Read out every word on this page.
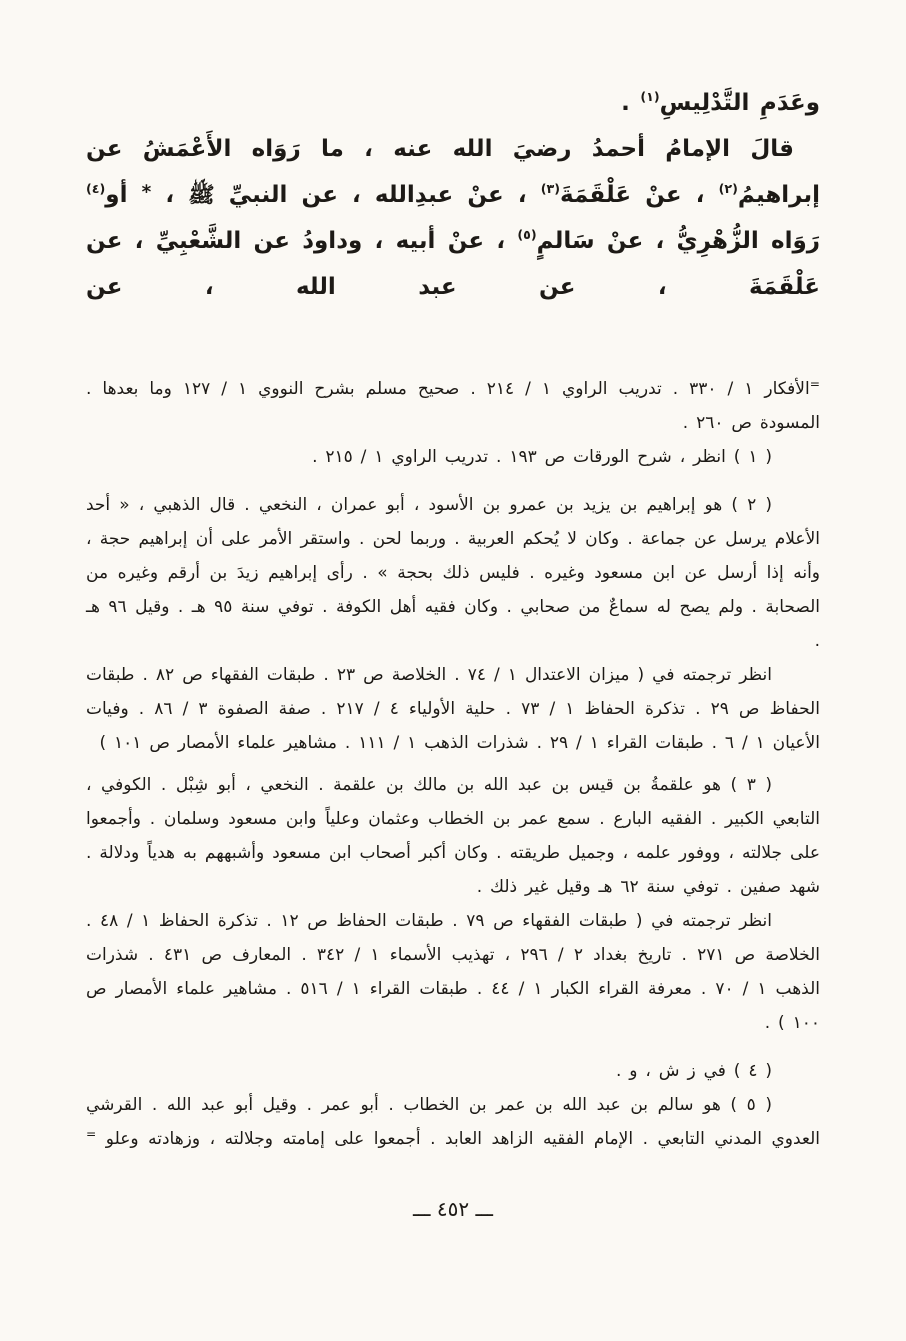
وعَدَمِ التَّدْلِيسِ$^{(١)}$ .

قالَ الإمامُ أحمدُ رضيَ الله عنه ، ما رَوَاه الأَعْمَشُ عن إبراهيمُ$^{(٢)}$ ، عنْ عَلْقَمَةَ$^{(٣)}$ ، عنْ عبدِالله ، عن النبيِّ ﷺ ، * أو$^{(٤)}$ رَوَاه الزُّهْرِيُّ ، عنْ سَالمٍ$^{(٥)}$ ، عنْ أبيه ، وداودُ عن الشَّعْبِيِّ ، عن عَلْقَمَةَ ، عن عبد الله ، عن

=الأفكار ١ / ٣٣٠ . تدريب الراوي ١ / ٢١٤ . صحيح مسلم بشرح النووي ١ / ١٢٧ وما بعدها . المسودة ص ٢٦٠ .

( ١ ) انظر ، شرح الورقات ص ١٩٣ . تدريب الراوي ١ / ٢١٥ .

( ٢ ) هو إبراهيم بن يزيد بن عمرو بن الأسود ، أبو عمران ، النخعي . قال الذهبي ، « أحد الأعلام يرسل عن جماعة . وكان لا يُحكم العربية . وربما لحن . واستقر الأمر على أن إبراهيم حجة ، وأنه إذا أرسل عن ابن مسعود وغيره . فليس ذلك بحجة » . رأى إبراهيم زيدَ بن أرقم وغيره من الصحابة . ولم يصح له سماعٌ من صحابي . وكان فقيه أهل الكوفة . توفي سنة ٩٥ هـ . وقيل ٩٦ هـ .

انظر ترجمته في ( ميزان الاعتدال ١ / ٧٤ . الخلاصة ص ٢٣ . طبقات الفقهاء ص ٨٢ . طبقات الحفاظ ص ٢٩ . تذكرة الحفاظ ١ / ٧٣ . حلية الأولياء ٤ / ٢١٧ . صفة الصفوة ٣ / ٨٦ . وفيات الأعيان ١ / ٦ . طبقات القراء ١ / ٢٩ . شذرات الذهب ١ / ١١١ . مشاهير علماء الأمصار ص ١٠١ )

( ٣ ) هو علقمةُ بن قيس بن عبد الله بن مالك بن علقمة . النخعي ، أبو شِبْل . الكوفي ، التابعي الكبير . الفقيه البارع . سمع عمر بن الخطاب وعثمان وعلياً وابن مسعود وسلمان . وأجمعوا على جلالته ، ووفور علمه ، وجميل طريقته . وكان أكبر أصحاب ابن مسعود وأشبههم به هدياً ودلالة . شهد صفين . توفي سنة ٦٢ هـ وقيل غير ذلك .

انظر ترجمته في ( طبقات الفقهاء ص ٧٩ . طبقات الحفاظ ص ١٢ . تذكرة الحفاظ ١ / ٤٨ . الخلاصة ص ٢٧١ . تاريخ بغداد ٢ / ٢٩٦ ، تهذيب الأسماء ١ / ٣٤٢ . المعارف ص ٤٣١ . شذرات الذهب ١ / ٧٠ . معرفة القراء الكبار ١ / ٤٤ . طبقات القراء ١ / ٥١٦ . مشاهير علماء الأمصار ص ١٠٠ ) .

( ٤ ) في ز ش ، و .

( ٥ ) هو سالم بن عبد الله بن عمر بن الخطاب . أبو عمر . وقيل أبو عبد الله . القرشي العدوي المدني التابعي . الإمام الفقيه الزاهد العابد . أجمعوا على إمامته وجلالته ، وزهادته وعلو =

ـــ ٤٥٢ ـــ
